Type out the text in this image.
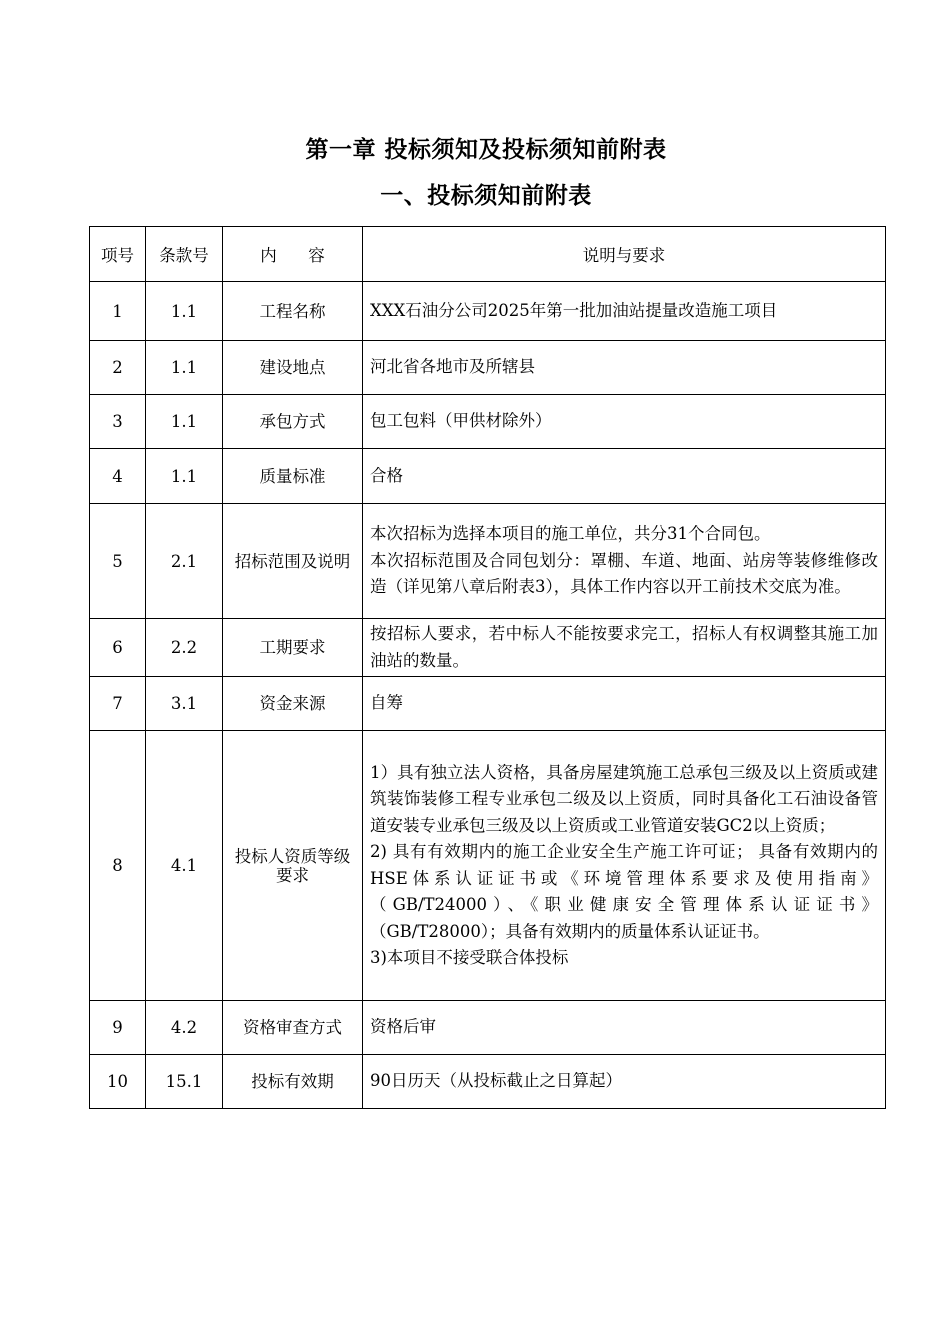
第一章 投标须知及投标须知前附表
一、投标须知前附表
项号	条款号	内      容	说明与要求
1	1.1	工程名称	XXX石油分公司2025年第一批加油站提量改造施工项目

2	1.1	建设地点	河北省各地市及所辖县

3	1.1	承包方式	包工包料（甲供材除外）

4	1.1	质量标准	合格

5	2.1	招标范围及说明	本次招标为选择本项目的施工单位，共分31个合同包。
本次招标范围及合同包划分：罩棚、车道、地面、站房等装修维修改造（详见第八章后附表3），具体工作内容以开工前技术交底为准。

6	2.2	工期要求	按招标人要求，若中标人不能按要求完工，招标人有权调整其施工加油站的数量。

7	3.1	资金来源	自筹

8	4.1	投标人资质等级要求	1）具有独立法人资格，具备房屋建筑施工总承包三级及以上资质或建筑装饰装修工程专业承包二级及以上资质，同时具备化工石油设备管道安装专业承包三级及以上资质或工业管道安装GC2以上资质；
2) 具有有效期内的施工企业安全生产施工许可证； 具备有效期内的HSE体系认证证书或《环境管理体系要求及使用指南》（GB/T24000）、《职业健康安全管理体系认证证书》（GB/T28000）；具备有效期内的质量体系认证证书。
3)本项目不接受联合体投标

9	4.2	资格审查方式	资格后审

10	15.1	投标有效期	90日历天（从投标截止之日算起）
